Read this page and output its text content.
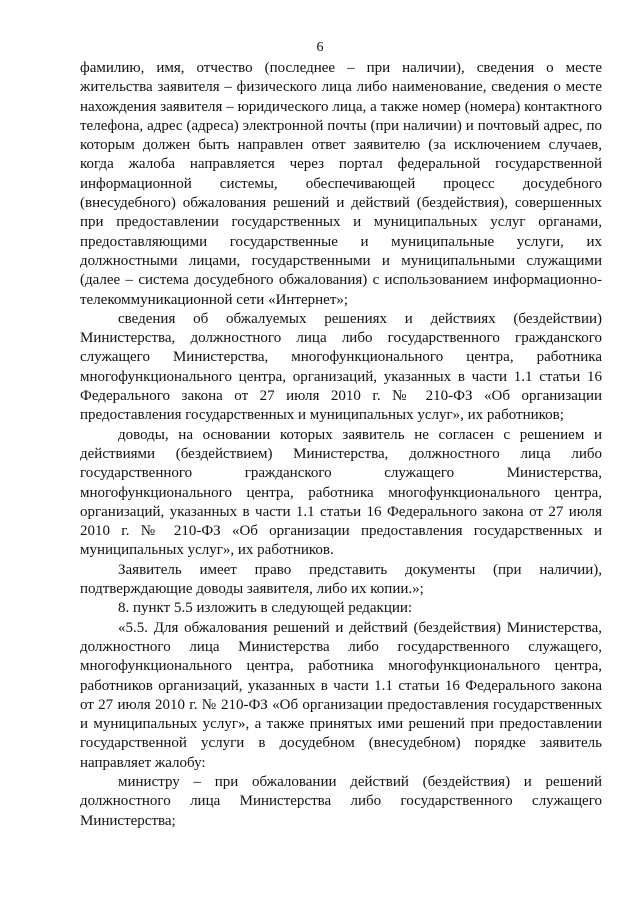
6

фамилию, имя, отчество (последнее – при наличии), сведения о месте жительства заявителя – физического лица либо наименование, сведения о месте нахождения заявителя – юридического лица, а также номер (номера) контактного телефона, адрес (адреса) электронной почты (при наличии) и почтовый адрес, по которым должен быть направлен ответ заявителю (за исключением случаев, когда жалоба направляется через портал федеральной государственной информационной системы, обеспечивающей процесс досудебного (внесудебного) обжалования решений и действий (бездействия), совершенных при предоставлении государственных и муниципальных услуг органами, предоставляющими государственные и муниципальные услуги, их должностными лицами, государственными и муниципальными служащими (далее – система досудебного обжалования) с использованием информационно-телекоммуникационной сети «Интернет»;

сведения об обжалуемых решениях и действиях (бездействии) Министерства, должностного лица либо государственного гражданского служащего Министерства, многофункционального центра, работника многофункционального центра, организаций, указанных в части 1.1 статьи 16 Федерального закона от 27 июля 2010 г. № 210-ФЗ «Об организации предоставления государственных и муниципальных услуг», их работников;

доводы, на основании которых заявитель не согласен с решением и действиями (бездействием) Министерства, должностного лица либо государственного гражданского служащего Министерства, многофункционального центра, работника многофункционального центра, организаций, указанных в части 1.1 статьи 16 Федерального закона от 27 июля 2010 г. № 210-ФЗ «Об организации предоставления государственных и муниципальных услуг», их работников.

Заявитель имеет право представить документы (при наличии), подтверждающие доводы заявителя, либо их копии.»;

8. пункт 5.5 изложить в следующей редакции:

«5.5. Для обжалования решений и действий (бездействия) Министерства, должностного лица Министерства либо государственного служащего, многофункционального центра, работника многофункционального центра, работников организаций, указанных в части 1.1 статьи 16 Федерального закона от 27 июля 2010 г. № 210-ФЗ «Об организации предоставления государственных и муниципальных услуг», а также принятых ими решений при предоставлении государственной услуги в досудебном (внесудебном) порядке заявитель направляет жалобу:

министру – при обжаловании действий (бездействия) и решений должностного лица Министерства либо государственного служащего Министерства;
